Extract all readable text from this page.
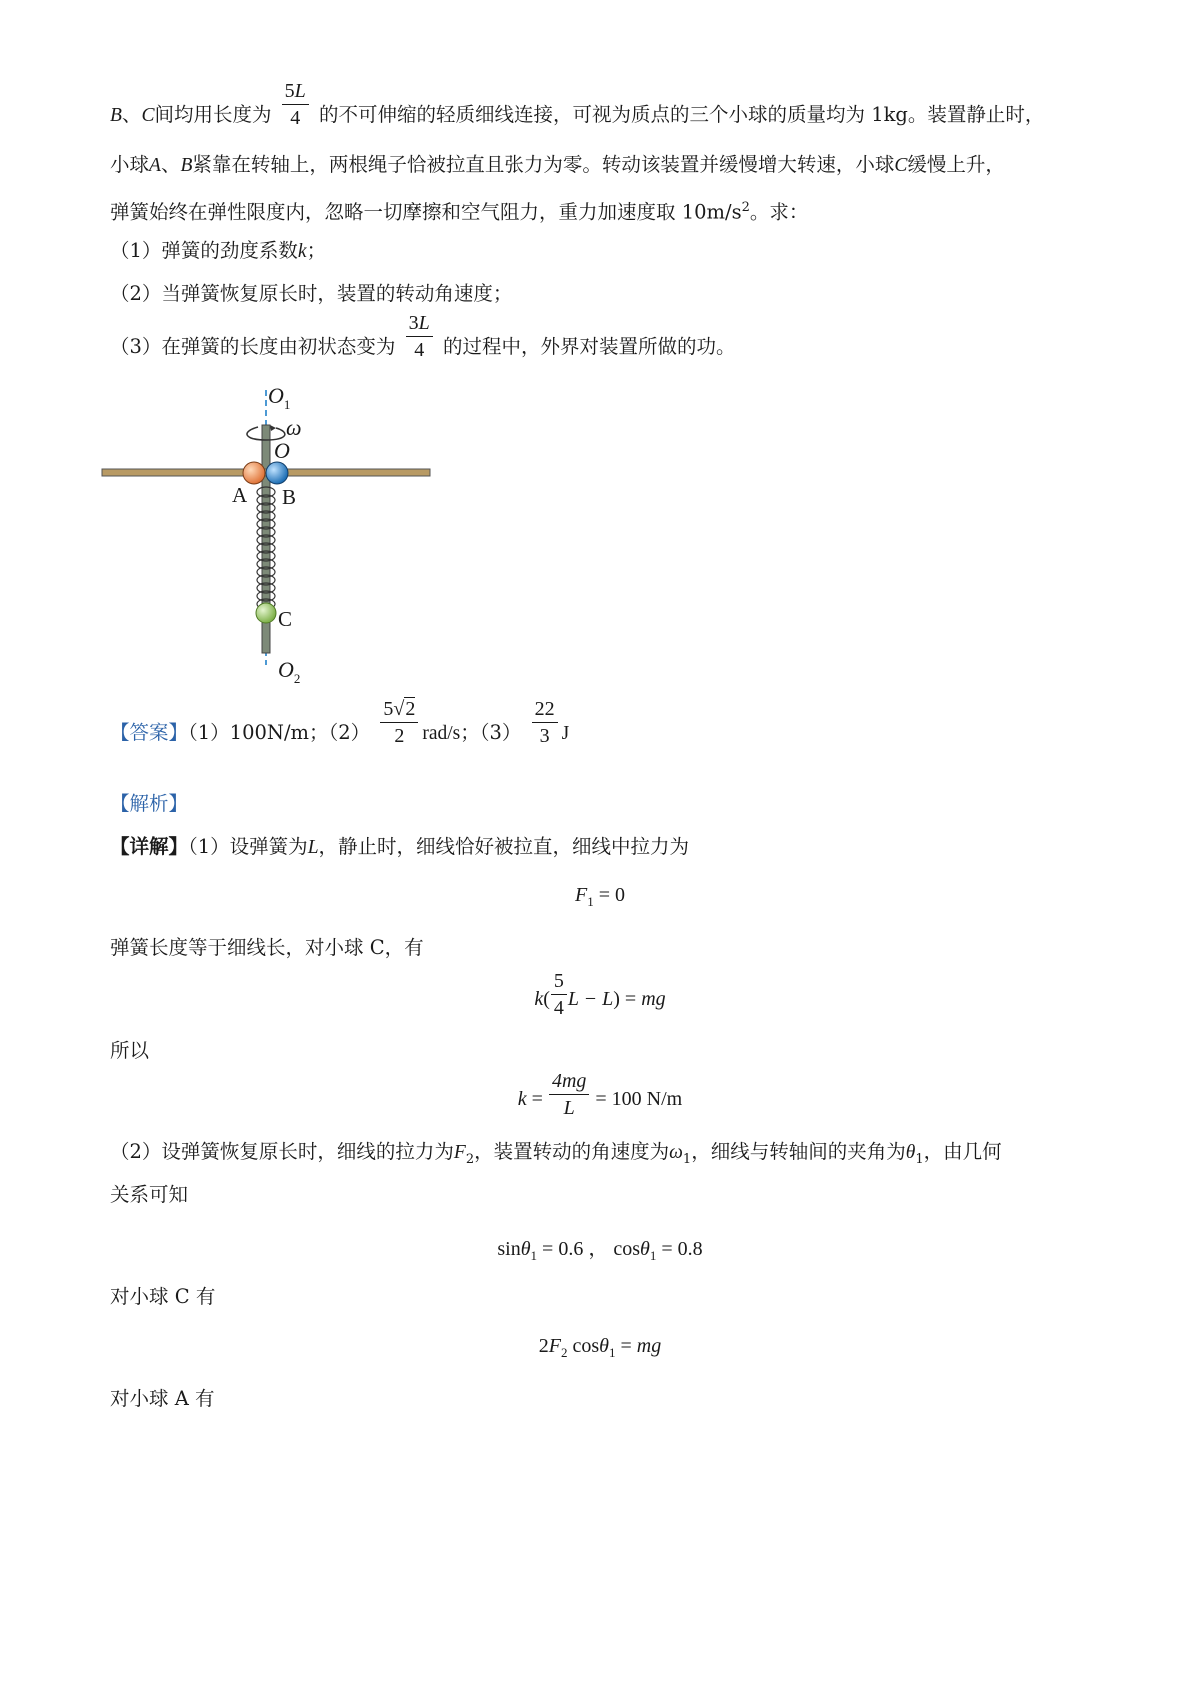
B、C间均用长度为 $\frac{5L}{4}$ 的不可伸缩的轻质细线连接，可视为质点的三个小球的质量均为 1kg。装置静止时，
小球A、B紧靠在转轴上，两根绳子恰被拉直且张力为零。转动该装置并缓慢增大转速，小球C缓慢上升，
弹簧始终在弹性限度内，忽略一切摩擦和空气阻力，重力加速度取 $10m/s^2$。求：
（1）弹簧的劲度系数k；
（2）当弹簧恢复原长时，装置的转动角速度；
（3）在弹簧的长度由初状态变为 $\frac{3L}{4}$ 的过程中，外界对装置所做的功。
$O_1$
ω
O
A B
C
$O_2$
【答案】（1）100N/m；$(2) \frac{5√2}{2} rad/s$；$(3) \frac{22}{3}$ J
【解析】
【详解】（1）设弹簧为L，静止时，细线恰好被拉直，细线中拉力为
$F_1 = 0$
弹簧长度等于细线长，对小球 C，有
$k( \frac{5}{4}$ L − L) = mg
所以
$k = \frac{4mg}{L} = 100$ N/m
（2）设弹簧恢复原长时，细线的拉力为$F_2$，装置转动的角速度为$\omega_1$，细线与转轴间的夹角为$\theta_1$，由几何
关系可知
sinθ$_1$ = 0.6 ， cosθ$_1$ = 0.8
对小球 C 有
$2F_2$ cosθ$_1$ = mg
对小球 A 有
